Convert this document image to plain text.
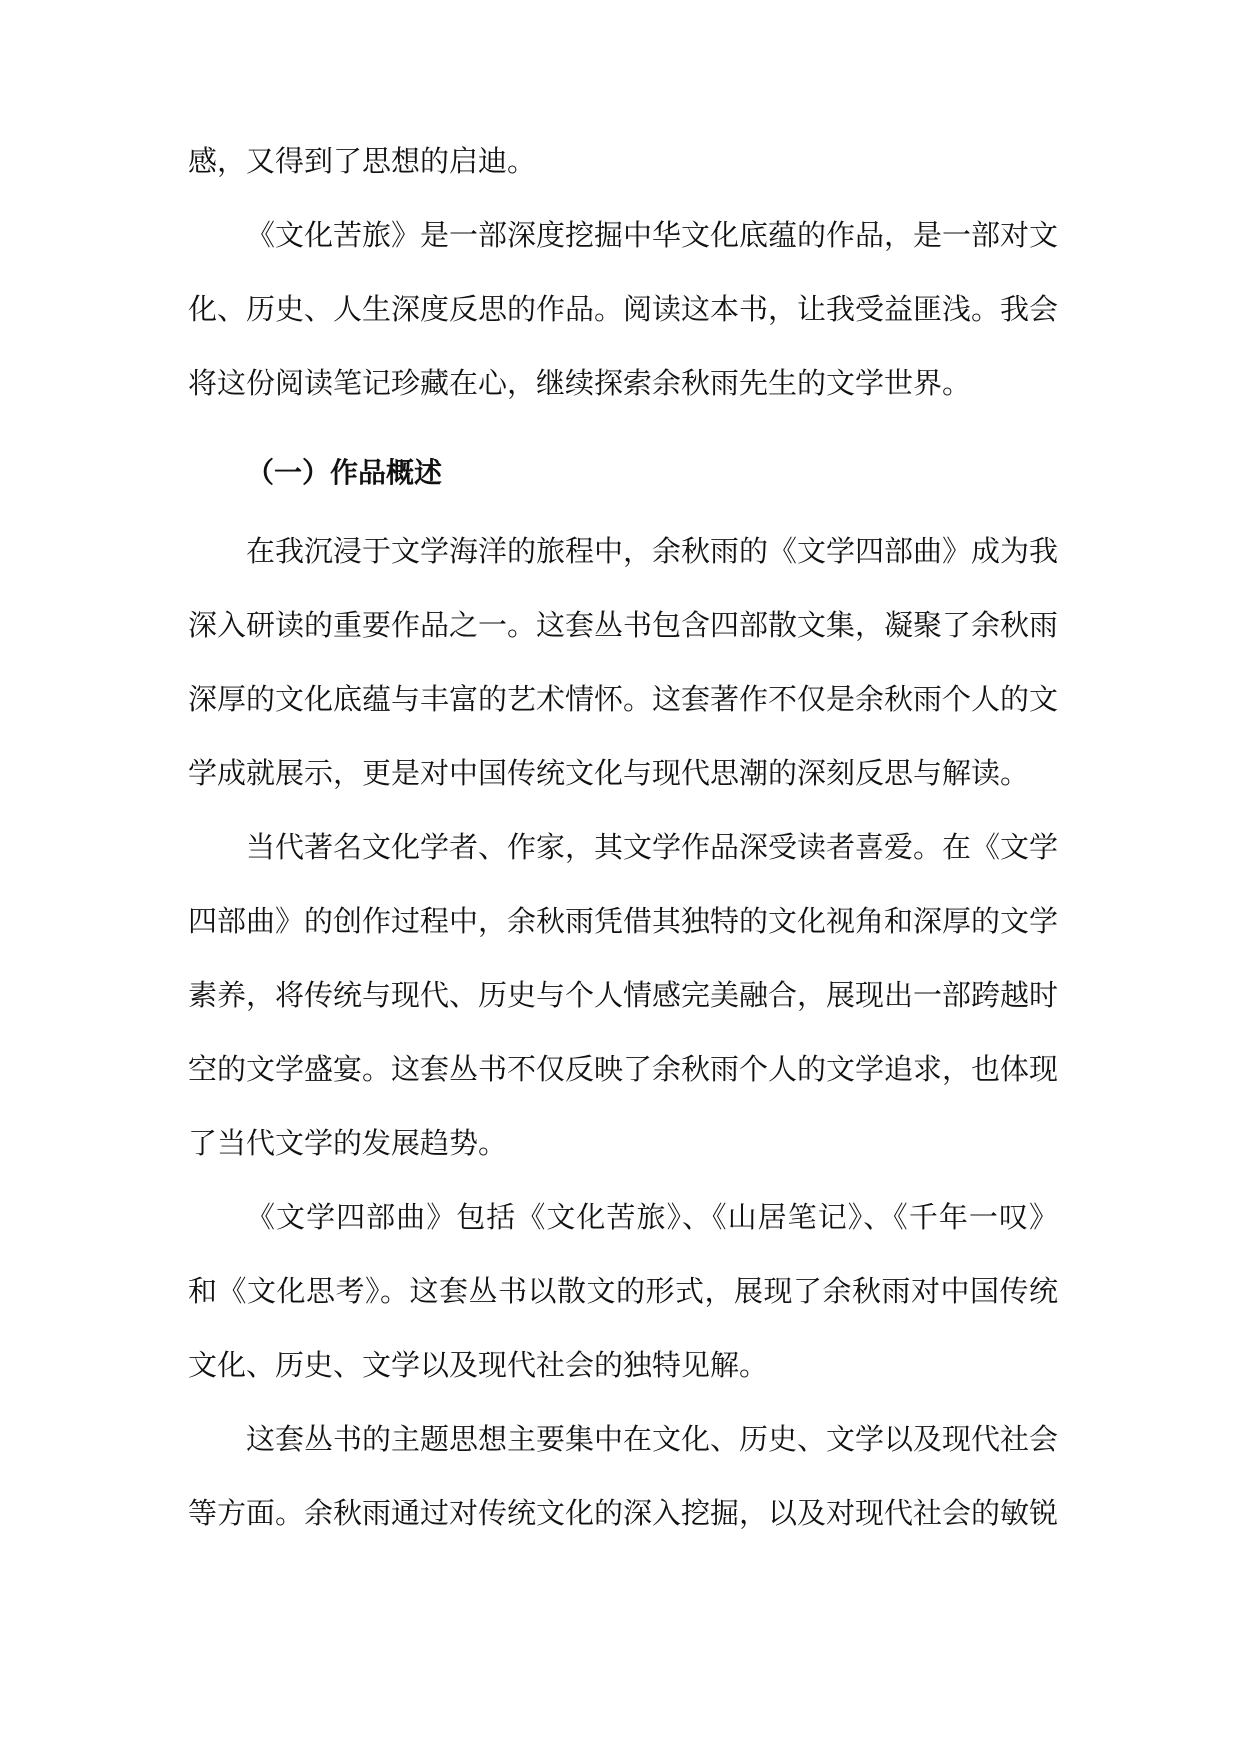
感，又得到了思想的启迪。
《文化苦旅》是一部深度挖掘中华文化底蕴的作品，是一部对文
化、历史、人生深度反思的作品。阅读这本书，让我受益匪浅。我会
将这份阅读笔记珍藏在心，继续探索余秋雨先生的文学世界。
（一）作品概述
在我沉浸于文学海洋的旅程中，余秋雨的《文学四部曲》成为我
深入研读的重要作品之一。这套丛书包含四部散文集，凝聚了余秋雨
深厚的文化底蕴与丰富的艺术情怀。这套著作不仅是余秋雨个人的文
学成就展示，更是对中国传统文化与现代思潮的深刻反思与解读。
当代著名文化学者、作家，其文学作品深受读者喜爱。在《文学
四部曲》的创作过程中，余秋雨凭借其独特的文化视角和深厚的文学
素养，将传统与现代、历史与个人情感完美融合，展现出一部跨越时
空的文学盛宴。这套丛书不仅反映了余秋雨个人的文学追求，也体现
了当代文学的发展趋势。
《文学四部曲》包括《文化苦旅》、《山居笔记》、《千年一叹》
和《文化思考》。这套丛书以散文的形式，展现了余秋雨对中国传统
文化、历史、文学以及现代社会的独特见解。
这套丛书的主题思想主要集中在文化、历史、文学以及现代社会
等方面。余秋雨通过对传统文化的深入挖掘，以及对现代社会的敏锐
